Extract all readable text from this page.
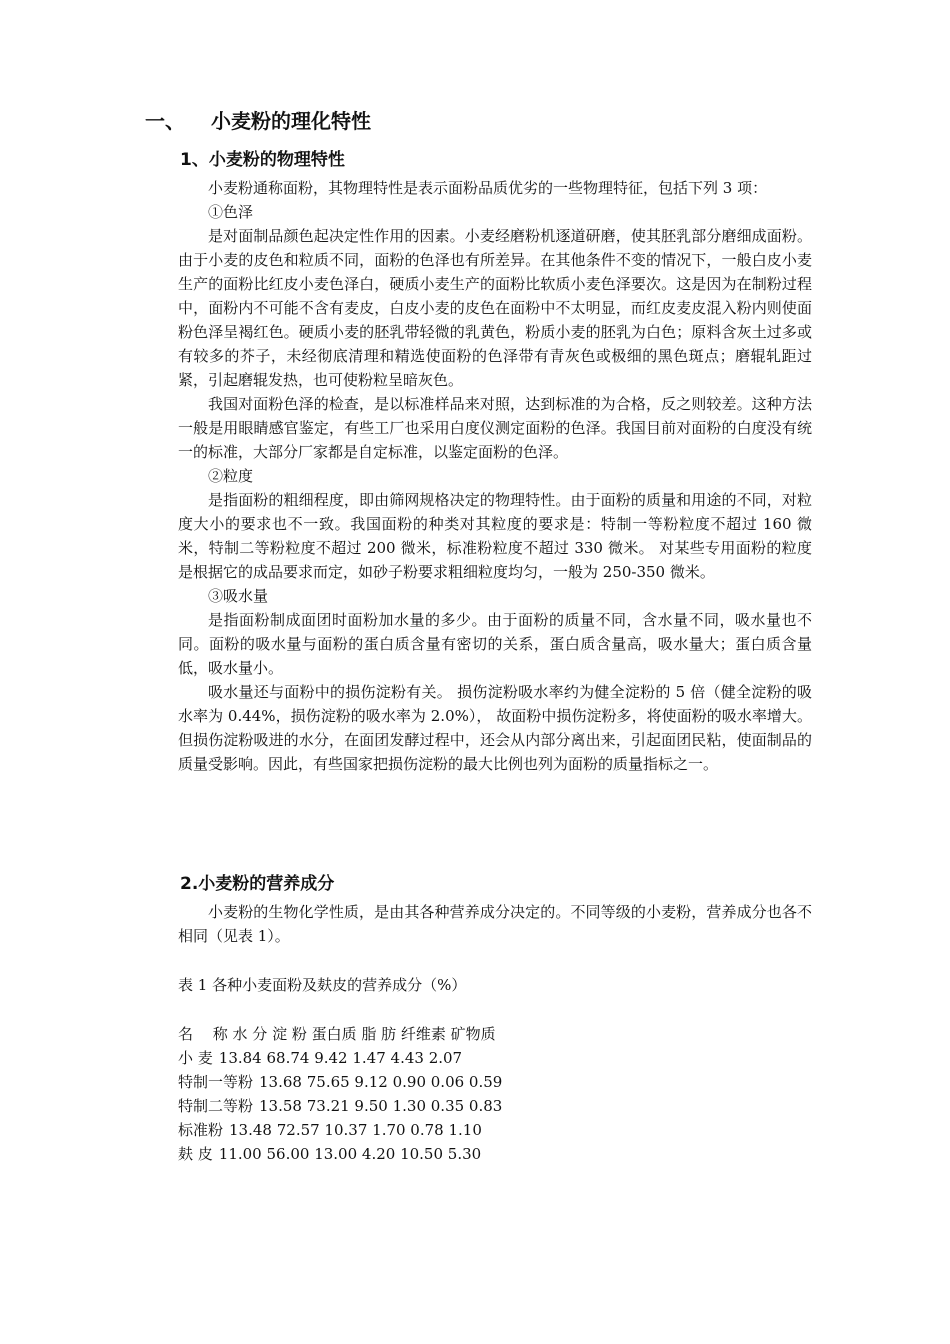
一、 小麦粉的理化特性
1、小麦粉的物理特性

小麦粉通称面粉，其物理特性是表示面粉品质优劣的一些物理特征，包括下列 3 项：

①色泽

是对面制品颜色起决定性作用的因素。小麦经磨粉机逐道研磨，使其胚乳部分磨细成面粉。由于小麦的皮色和粒质不同，面粉的色泽也有所差异。在其他条件不变的情况下，一般白皮小麦生产的面粉比红皮小麦色泽白，硬质小麦生产的面粉比软质小麦色泽要次。这是因为在制粉过程中，面粉内不可能不含有麦皮，白皮小麦的皮色在面粉中不太明显，而红皮麦皮混入粉内则使面粉色泽呈褐红色。硬质小麦的胚乳带轻微的乳黄色，粉质小麦的胚乳为白色；原料含灰土过多或有较多的芥子，未经彻底清理和精选使面粉的色泽带有青灰色或极细的黑色斑点；磨辊轧距过紧，引起磨辊发热，也可使粉粒呈暗灰色。

我国对面粉色泽的检查，是以标准样品来对照，达到标准的为合格，反之则较差。这种方法一般是用眼睛感官鉴定，有些工厂也采用白度仪测定面粉的色泽。我国目前对面粉的白度没有统一的标准，大部分厂家都是自定标准，以鉴定面粉的色泽。

②粒度

是指面粉的粗细程度，即由筛网规格决定的物理特性。由于面粉的质量和用途的不同，对粒度大小的要求也不一致。我国面粉的种类对其粒度的要求是：特制一等粉粒度不超过 160 微米，特制二等粉粒度不超过 200 微米，标准粉粒度不超过 330 微米。 对某些专用面粉的粒度是根据它的成品要求而定，如砂子粉要求粗细粒度均匀，一般为 250-350 微米。

③吸水量

是指面粉制成面团时面粉加水量的多少。由于面粉的质量不同，含水量不同，吸水量也不同。面粉的吸水量与面粉的蛋白质含量有密切的关系，蛋白质含量高，吸水量大；蛋白质含量低，吸水量小。

吸水量还与面粉中的损伤淀粉有关。 损伤淀粉吸水率约为健全淀粉的 5 倍（健全淀粉的吸水率为 0.44%，损伤淀粉的吸水率为 2.0%）， 故面粉中损伤淀粉多，将使面粉的吸水率增大。但损伤淀粉吸进的水分，在面团发酵过程中，还会从内部分离出来，引起面团民粘，使面制品的质量受影响。因此，有些国家把损伤淀粉的最大比例也列为面粉的质量指标之一。

2.小麦粉的营养成分

小麦粉的生物化学性质，是由其各种营养成分决定的。不同等级的小麦粉，营养成分也各不相同（见表 1）。

表 1 各种小麦面粉及麸皮的营养成分（%）
名　 称 水 分 淀 粉 蛋白质 脂 肪 纤维素 矿物质
小 麦 13.84 68.74 9.42 1.47 4.43 2.07
特制一等粉 13.68 75.65 9.12 0.90 0.06 0.59
特制二等粉 13.58 73.21 9.50 1.30 0.35 0.83
标准粉 13.48 72.57 10.37 1.70 0.78 1.10
麸 皮 11.00 56.00 13.00 4.20 10.50 5.30
